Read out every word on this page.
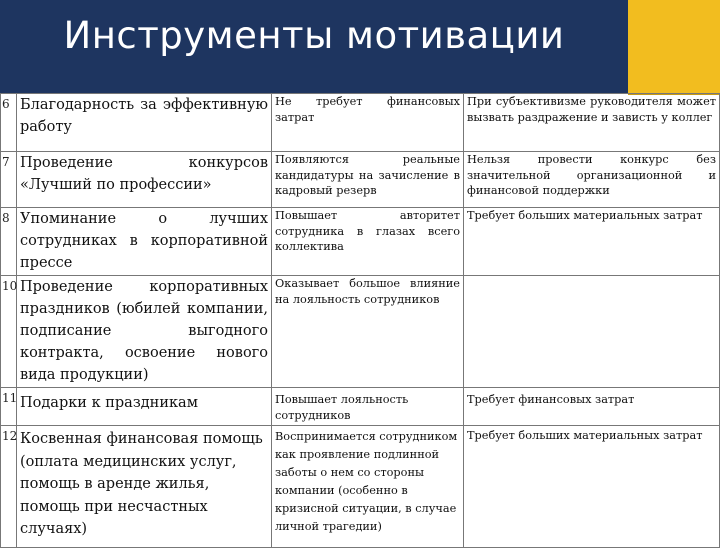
Инструменты мотивации
6	Благодарность за эффективную работу	Не требует финансовых затрат	При субъективизме руководителя может вызвать раздражение и зависть у коллег
7	Проведение конкурсов «Лучший по профессии»	Появляются реальные кандидатуры на зачисление в кадровый резерв	Нельзя провести конкурс без значительной организационной и финансовой поддержки
8	Упоминание о лучших сотрудниках в корпоративной прессе	Повышает авторитет сотрудника в глазах всего коллектива	Требует больших материальных затрат
10	Проведение корпоративных праздников (юбилей компании, подписание выгодного контракта, освоение нового вида продукции)	Оказывает большое влияние на лояльность сотрудников	
11	Подарки к праздникам	Повышает лояльность сотрудников	Требует финансовых затрат
12	Косвенная финансовая помощь (оплата медицинских услуг, помощь в аренде жилья, помощь при несчастных случаях)	Воспринимается сотрудником как проявление подлинной заботы о нем со стороны компании (особенно в кризисной ситуации, в случае личной трагедии)	Требует больших материальных затрат
